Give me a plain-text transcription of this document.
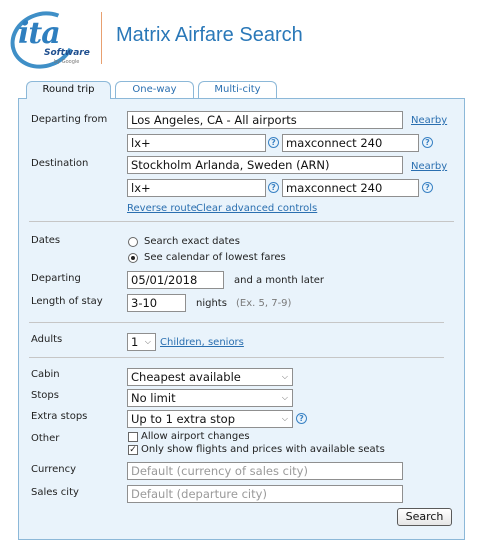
ita
Software
by Google
Matrix Airfare Search
Round trip	One-way	Multi-city
Departing from	Los Angeles, CA - All airports	Nearby
lx+	? maxconnect 240	?
Destination	Stockholm Arlanda, Sweden (ARN)	Nearby
lx+	? maxconnect 240	?
Reverse route Clear advanced controls
Dates	Search exact dates
See calendar of lowest fares
Departing	05/01/2018	and a month later
Length of stay	3-10	nights (Ex. 5, 7-9)
Adults	1 ⌵ Children, seniors
Cabin	Cheapest available	⌵
Stops	No limit	⌵
Extra stops	Up to 1 extra stop	⌵	?
Other	Allow airport changes
✓ Only show flights and prices with available seats
Currency	Default (currency of sales city)
Sales city	Default (departure city)
Search
